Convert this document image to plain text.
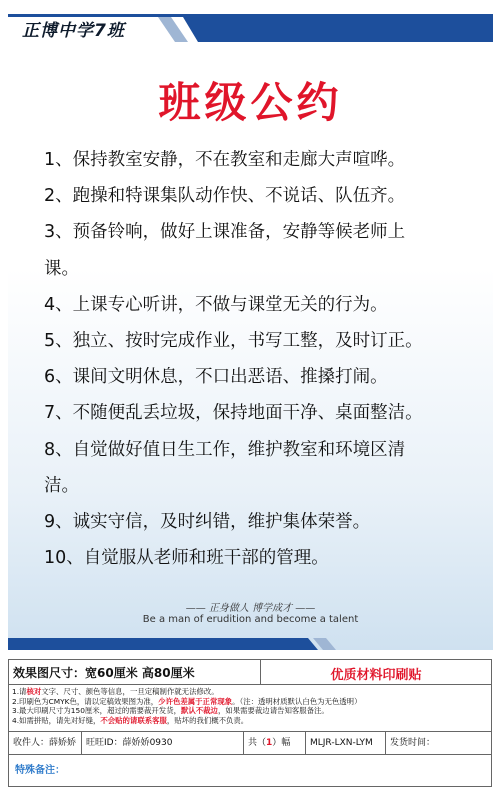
正博中学7班
班级公约
1、保持教室安静，不在教室和走廊大声喧哗。
2、跑操和特课集队动作快、不说话、队伍齐。
3、预备铃响，做好上课准备，安静等候老师上
课。
4、上课专心听讲，不做与课堂无关的行为。
5、独立、按时完成作业，书写工整，及时订正。
6、课间文明休息，不口出恶语、推搡打闹。
7、不随便乱丢垃圾，保持地面干净、桌面整洁。
8、自觉做好值日生工作，维护教室和环境区清
洁。
9、诚实守信，及时纠错，维护集体荣誉。
10、自觉服从老师和班干部的管理。
—— 正身做人 博学成才 ——
Be a man of erudition and become a talent
效果图尺寸：宽60厘米 高80厘米	优质材料印刷贴
1.请核对文字、尺寸、颜色等信息，一旦定稿制作就无法修改。
2.印刷色为CMYK色，请以定稿效果图为准，少许色差属于正常现象。（注：透明材质默认白色为无色透明）
3.最大印刷尺寸为150厘米，超过的需要裁开发货，默认不裁边，如果需要裁边请告知客服备注。
4.如需拼贴，请先对好缝，不会贴的请联系客服，贴坏的我们概不负责。
收件人：薛娇娇	旺旺ID：薛娇娇0930	共（1）幅	MLJR-LXN-LYM	发货时间：
特殊备注：
